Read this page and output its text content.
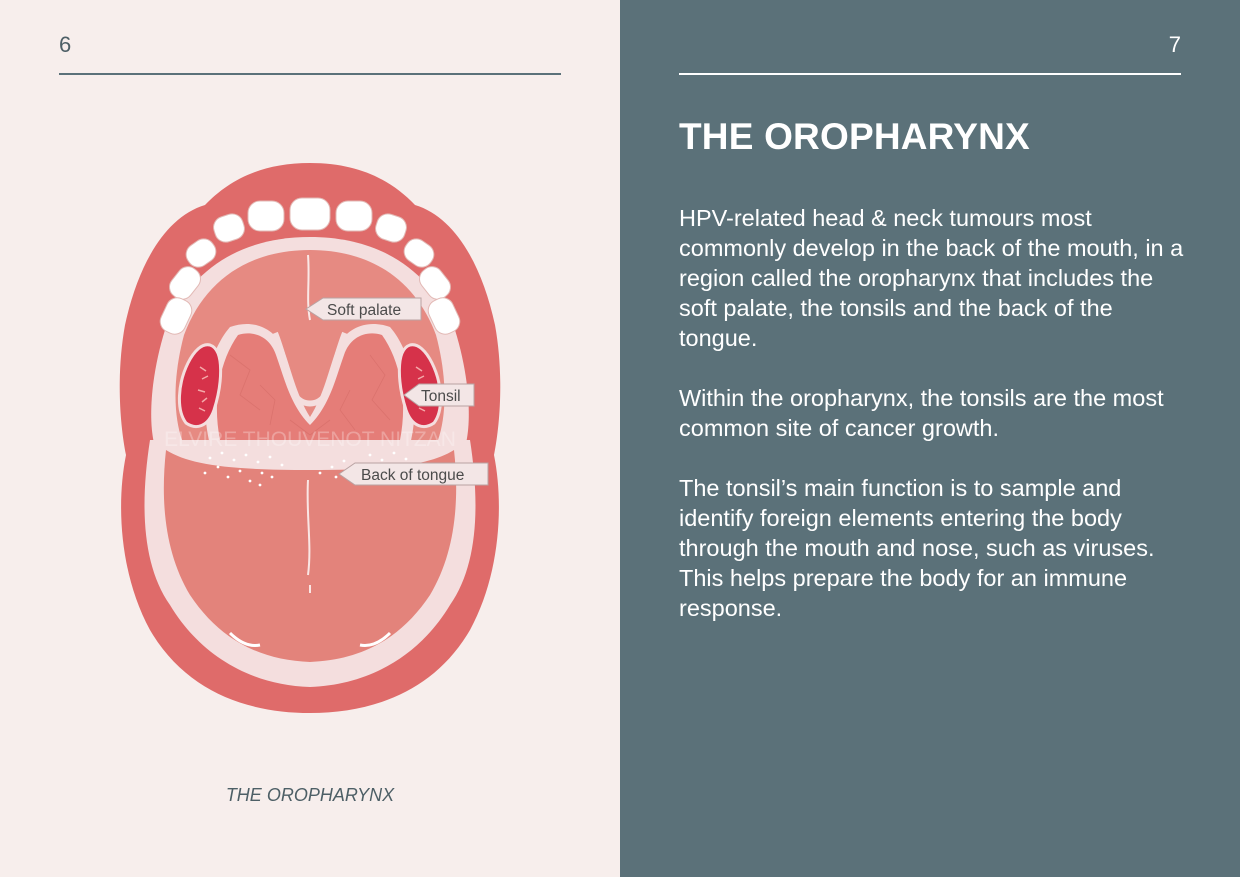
6
ELVIRE THOUVENOT NITZAN
Soft palate
Tonsil
Back of tongue
THE OROPHARYNX
7
THE OROPHARYNX

HPV-related head & neck tumours most commonly develop in the back of the mouth, in a region called the oropharynx that includes the soft palate, the tonsils and the back of the tongue.

Within the oropharynx, the tonsils are the most common site of cancer growth.

The tonsil’s main function is to sample and identify foreign elements entering the body through the mouth and nose, such as viruses. This helps prepare the body for an immune response.
